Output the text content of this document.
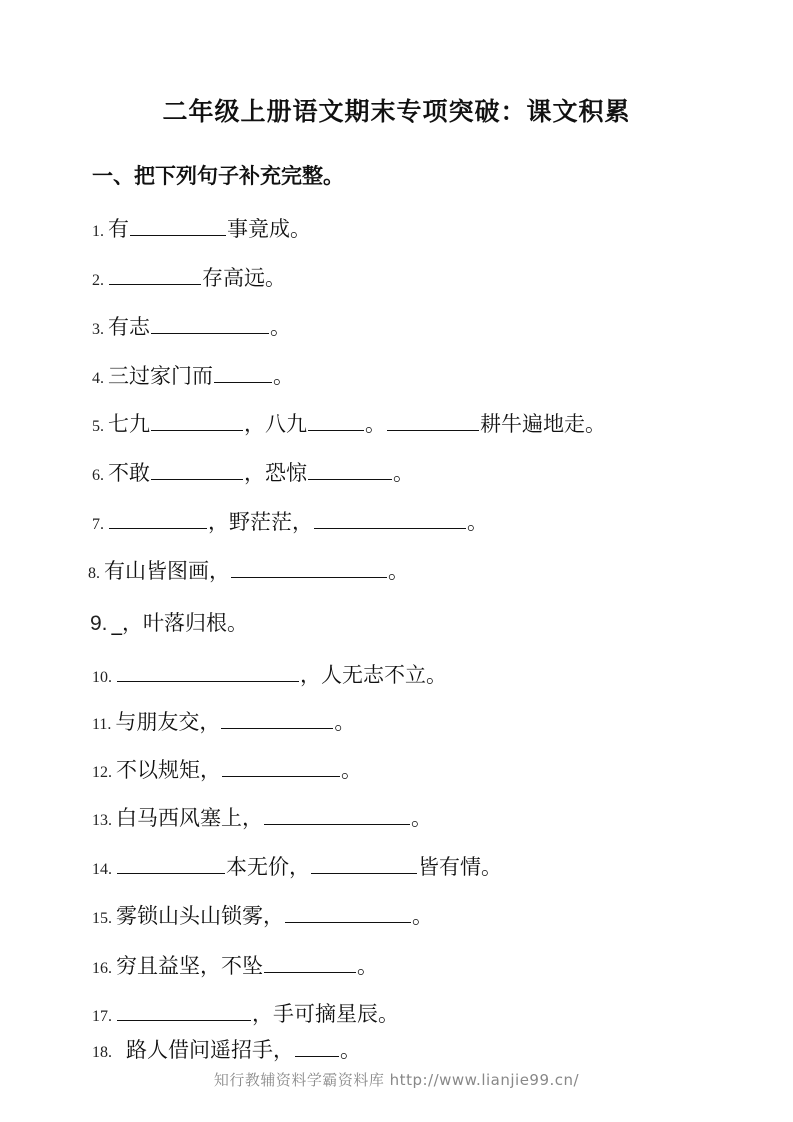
二年级上册语文期末专项突破：课文积累
一、把下列句子补充完整。
1. 有	事竟成。
2.	存高远。
3. 有志	。
4. 三过家门而	。
5. 七九	，八九	。	耕牛遍地走。
6. 不敢	，恐惊	。
7.	，野茫茫，	。
8. 有山皆图画，	。
9. _，叶落归根。
10.	，人无志不立。
11. 与朋友交，	。
12. 不以规矩，	。
13. 白马西风塞上，	。
14.	本无价，	皆有情。
15. 雾锁山头山锁雾，	。
16. 穷且益坚，不坠	。
17.	，手可摘星辰。
18. 路人借问遥招手， 。
知行教辅资料学霸资料库 http://www.lianjie99.cn/
